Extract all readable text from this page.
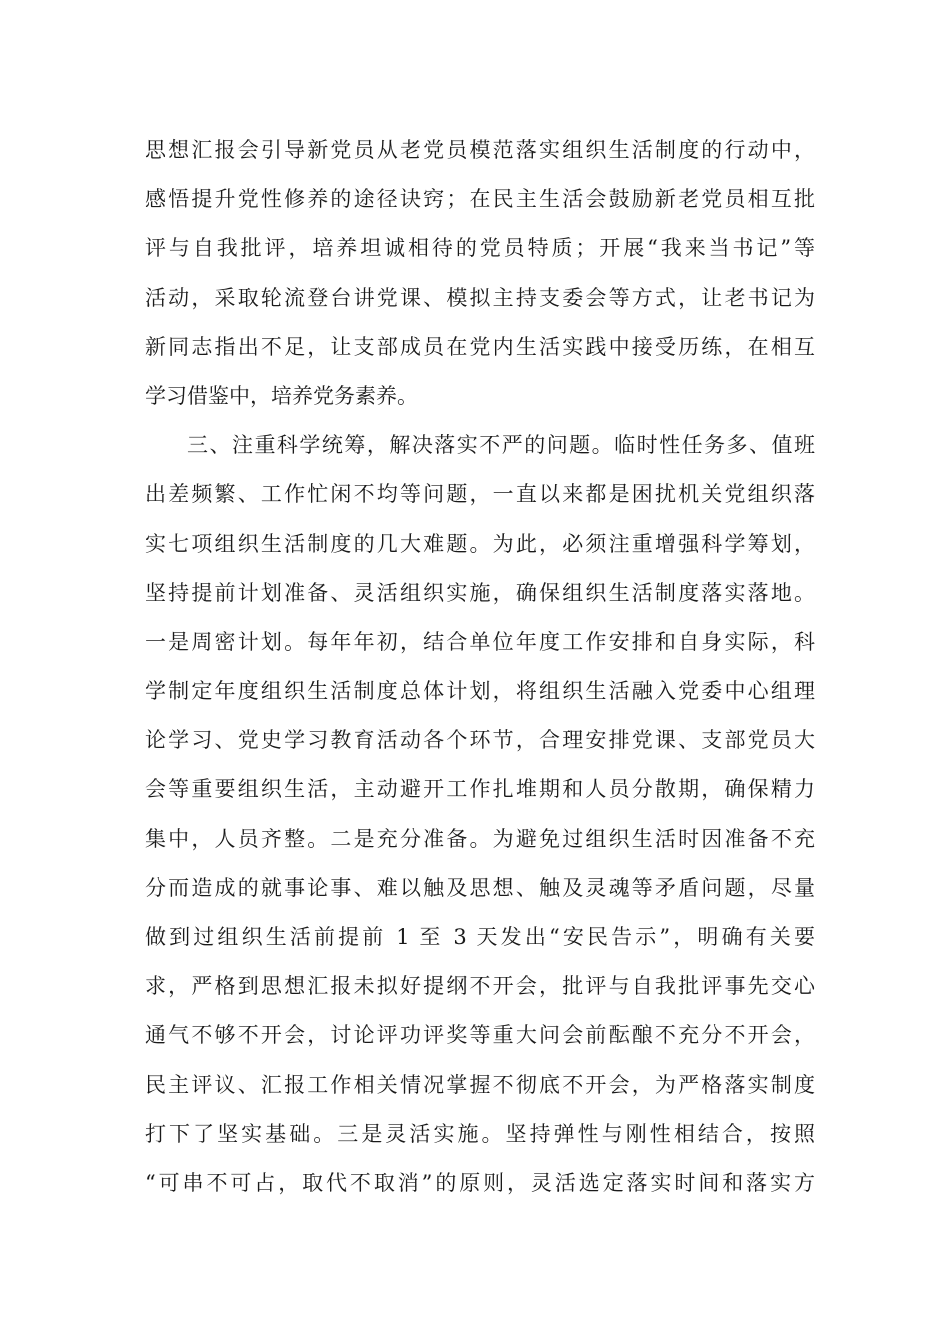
思想汇报会引导新党员从老党员模范落实组织生活制度的行动中，
感悟提升党性修养的途径诀窍；在民主生活会鼓励新老党员相互批
评与自我批评，培养坦诚相待的党员特质；开展“我来当书记”等
活动，采取轮流登台讲党课、模拟主持支委会等方式，让老书记为
新同志指出不足，让支部成员在党内生活实践中接受历练，在相互
学习借鉴中，培养党务素养。
三、注重科学统筹，解决落实不严的问题。临时性任务多、值班
出差频繁、工作忙闲不均等问题，一直以来都是困扰机关党组织落
实七项组织生活制度的几大难题。为此，必须注重增强科学筹划，
坚持提前计划准备、灵活组织实施，确保组织生活制度落实落地。
一是周密计划。每年年初，结合单位年度工作安排和自身实际，科
学制定年度组织生活制度总体计划，将组织生活融入党委中心组理
论学习、党史学习教育活动各个环节，合理安排党课、支部党员大
会等重要组织生活，主动避开工作扎堆期和人员分散期，确保精力
集中，人员齐整。二是充分准备。为避免过组织生活时因准备不充
分而造成的就事论事、难以触及思想、触及灵魂等矛盾问题，尽量
做到过组织生活前提前 1 至 3 天发出“安民告示”，明确有关要
求，严格到思想汇报未拟好提纲不开会，批评与自我批评事先交心
通气不够不开会，讨论评功评奖等重大问会前酝酿不充分不开会，
民主评议、汇报工作相关情况掌握不彻底不开会，为严格落实制度
打下了坚实基础。三是灵活实施。坚持弹性与刚性相结合，按照
“可串不可占，取代不取消”的原则，灵活选定落实时间和落实方
